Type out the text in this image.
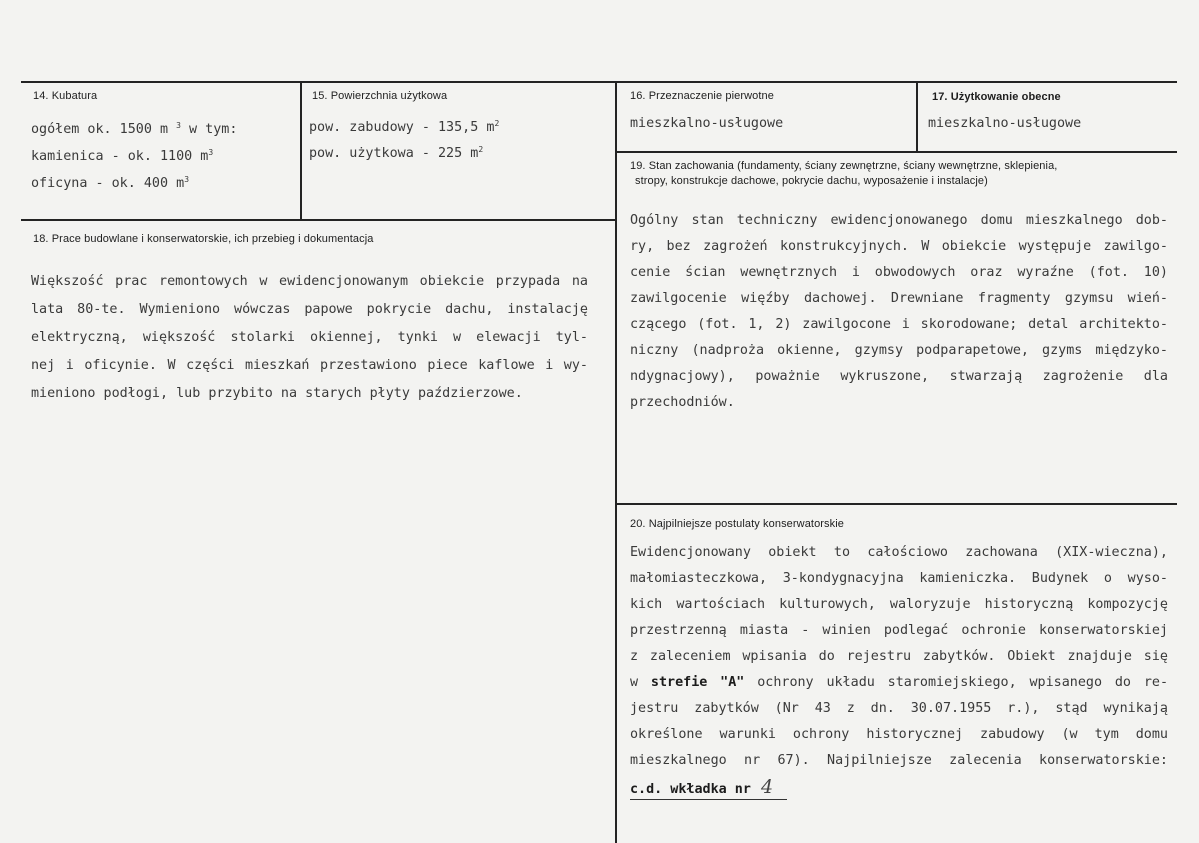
14. Kubatura
ogółem ok. 1500 m $^3$ w tym:
kamienica - ok. 1100 $m^3$
oficyna - ok. 400 $m^3$
15. Powierzchnia użytkowa
pow. zabudowy - 135,5 $m^2$
pow. użytkowa - 225 $m^2$
16. Przeznaczenie pierwotne
mieszkalno-usługowe
17. Użytkowanie obecne
mieszkalno-usługowe
18. Prace budowlane i konserwatorskie, ich przebieg i dokumentacja
Większość prac remontowych w ewidencjonowanym obiekcie przypada na
lata 80-te. Wymieniono wówczas papowe pokrycie dachu, instalację
elektryczną, większość stolarki okiennej, tynki w elewacji tyl-
nej i oficynie. W części mieszkań przestawiono piece kaflowe i wy-
mieniono podłogi, lub przybito na starych płyty paździerzowe.
19. Stan zachowania (fundamenty, ściany zewnętrzne, ściany wewnętrzne, sklepienia,
stropy, konstrukcje dachowe, pokrycie dachu, wyposażenie i instalacje)
Ogólny stan techniczny ewidencjonowanego domu mieszkalnego dob-
ry, bez zagrożeń konstrukcyjnych. W obiekcie występuje zawilgo-
cenie ścian wewnętrznych i obwodowych oraz wyraźne (fot. 10)
zawilgocenie więźby dachowej. Drewniane fragmenty gzymsu wień-
czącego (fot. 1, 2) zawilgocone i skorodowane; detal architekto-
niczny (nadproża okienne, gzymsy podparapetowe, gzyms międzyko-
ndygnacjowy), poważnie wykruszone, stwarzają zagrożenie dla
przechodniów.
20. Najpilniejsze postulaty konserwatorskie
Ewidencjonowany obiekt to całościowo zachowana (XIX-wieczna),
małomiasteczkowa, 3-kondygnacyjna kamieniczka. Budynek o wyso-
kich wartościach kulturowych, waloryzuje historyczną kompozycję
przestrzenną miasta - winien podlegać ochronie konserwatorskiej
z zaleceniem wpisania do rejestru zabytków. Obiekt znajduje się
w strefie "A" ochrony układu staromiejskiego, wpisanego do re-
jestru zabytków (Nr 43 z dn. 30.07.1955 r.), stąd wynikają
określone warunki ochrony historycznej zabudowy (w tym domu
mieszkalnego nr 67). Najpilniejsze zalecenia konserwatorskie:
c.d. wkładka nr 4
